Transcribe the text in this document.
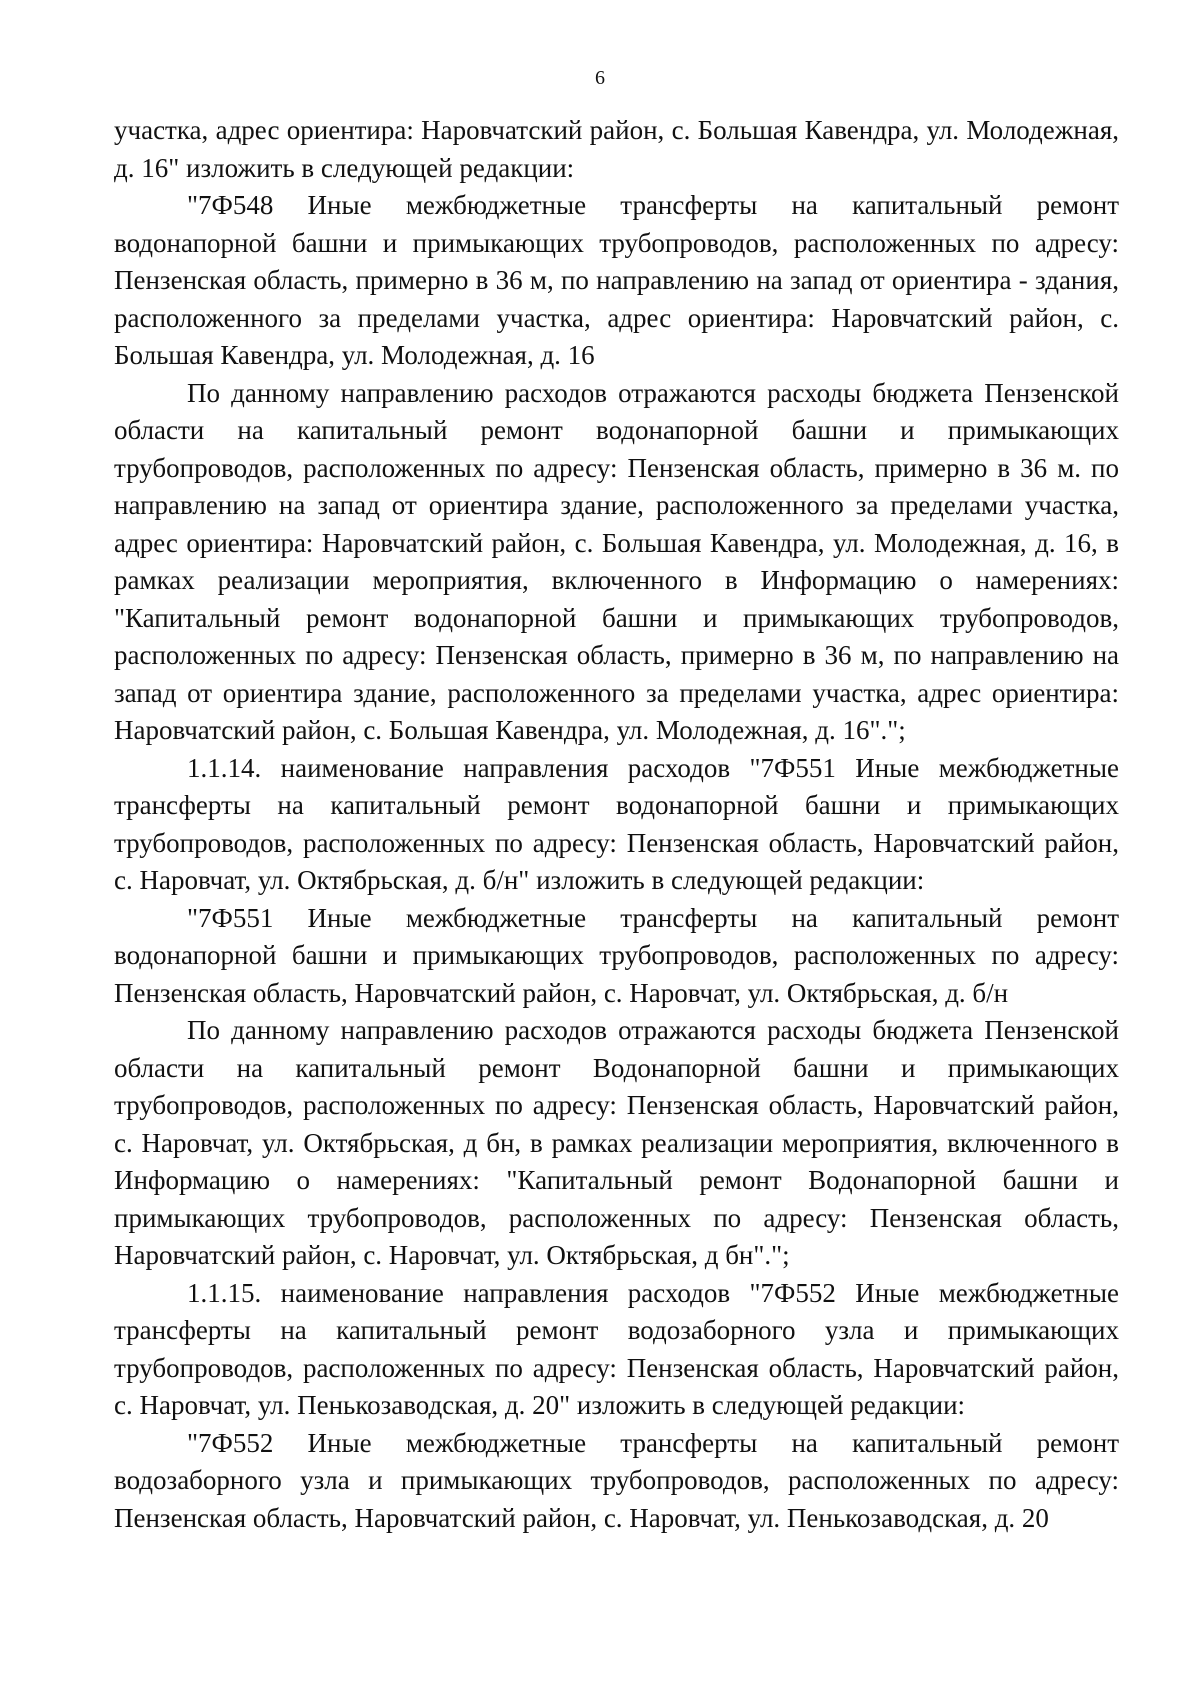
6

участка, адрес ориентира: Наровчатский район, с. Большая Кавендра, ул. Молодежная, д. 16" изложить в следующей редакции:

"7Ф548 Иные межбюджетные трансферты на капитальный ремонт водонапорной башни и примыкающих трубопроводов, расположенных по адресу: Пензенская область, примерно в 36 м, по направлению на запад от ориентира - здания, расположенного за пределами участка, адрес ориентира: Наровчатский район, с. Большая Кавендра, ул. Молодежная, д. 16

По данному направлению расходов отражаются расходы бюджета Пензенской области на капитальный ремонт водонапорной башни и примыкающих трубопроводов, расположенных по адресу: Пензенская область, примерно в 36 м. по направлению на запад от ориентира здание, расположенного за пределами участка, адрес ориентира: Наровчатский район, с. Большая Кавендра, ул. Молодежная, д. 16, в рамках реализации мероприятия, включенного в Информацию о намерениях: "Капитальный ремонт водонапорной башни и примыкающих трубопроводов, расположенных по адресу: Пензенская область, примерно в 36 м, по направлению на запад от ориентира здание, расположенного за пределами участка, адрес ориентира: Наровчатский район, с. Большая Кавендра, ул. Молодежная, д. 16".";

1.1.14. наименование направления расходов "7Ф551 Иные межбюджетные трансферты на капитальный ремонт водонапорной башни и примыкающих трубопроводов, расположенных по адресу: Пензенская область, Наровчатский район, с. Наровчат, ул. Октябрьская, д. б/н" изложить в следующей редакции:

"7Ф551 Иные межбюджетные трансферты на капитальный ремонт водонапорной башни и примыкающих трубопроводов, расположенных по адресу: Пензенская область, Наровчатский район, с. Наровчат, ул. Октябрьская, д. б/н

По данному направлению расходов отражаются расходы бюджета Пензенской области на капитальный ремонт Водонапорной башни и примыкающих трубопроводов, расположенных по адресу: Пензенская область, Наровчатский район, с. Наровчат, ул. Октябрьская, д бн, в рамках реализации мероприятия, включенного в Информацию о намерениях: "Капитальный ремонт Водонапорной башни и примыкающих трубопроводов, расположенных по адресу: Пензенская область, Наровчатский район, с. Наровчат, ул. Октябрьская, д бн".";

1.1.15. наименование направления расходов "7Ф552 Иные межбюджетные трансферты на капитальный ремонт водозаборного узла и примыкающих трубопроводов, расположенных по адресу: Пензенская область, Наровчатский район, с. Наровчат, ул. Пенькозаводская, д. 20" изложить в следующей редакции:

"7Ф552 Иные межбюджетные трансферты на капитальный ремонт водозаборного узла и примыкающих трубопроводов, расположенных по адресу: Пензенская область, Наровчатский район, с. Наровчат, ул. Пенькозаводская, д. 20
